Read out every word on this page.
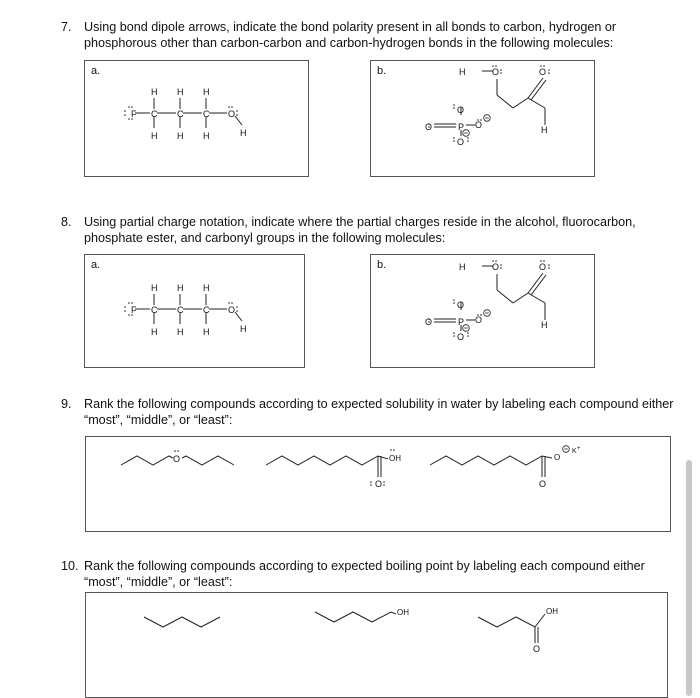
7. Using bond dipole arrows, indicate the bond polarity present in all bonds to carbon, hydrogen or phosphorous other than carbon-carbon and carbon-hydrogen bonds in the following molecules:
a.	b.
8. Using partial charge notation, indicate where the partial charges reside in the alcohol, fluorocarbon, phosphate ester, and carbonyl groups in the following molecules:
a.	b.
9. Rank the following compounds according to expected solubility in water by labeling each compound either “most”, “middle”, or “least”:
10. Rank the following compounds according to expected boiling point by labeling each compound either “most”, “middle”, or “least”:
F C C C O
H H H
H H H	H
H	O	O
H
O
O	P O
O
F C C C O
H H H
H H H	H
H	O	O
H
O
O	P O
O
O	OH
O
O
K +
O
OH	OH
O
